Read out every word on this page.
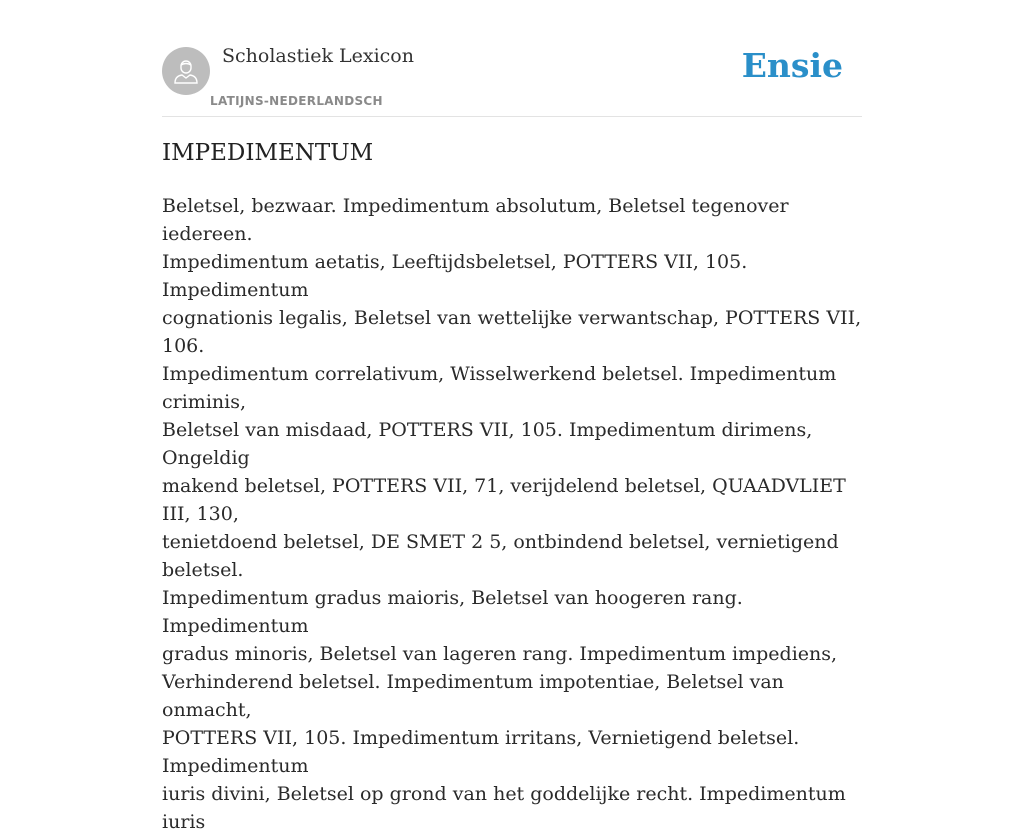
Scholastiek Lexicon
LATIJNS-NEDERLANDSCH
Ensie
IMPEDIMENTUM

Beletsel, bezwaar. Impedimentum absolutum, Beletsel tegenover iedereen.
Impedimentum aetatis, Leeftijdsbeletsel, POTTERS VII, 105. Impedimentum
cognationis legalis, Beletsel van wettelijke verwantschap, POTTERS VII, 106.
Impedimentum correlativum, Wisselwerkend beletsel. Impedimentum criminis,
Beletsel van misdaad, POTTERS VII, 105. Impedimentum dirimens, Ongeldig
makend beletsel, POTTERS VII, 71, verijdelend beletsel, QUAADVLIET III, 130,
tenietdoend beletsel, DE SMET 2 5, ontbindend beletsel, vernietigend beletsel.
Impedimentum gradus maioris, Beletsel van hoogeren rang. Impedimentum
gradus minoris, Beletsel van lageren rang. Impedimentum impediens,
Verhinderend beletsel. Impedimentum impotentiae, Beletsel van onmacht,
POTTERS VII, 105. Impedimentum irritans, Vernietigend beletsel. Impedimentum
iuris divini, Beletsel op grond van het goddelijke recht. Impedimentum iuris
